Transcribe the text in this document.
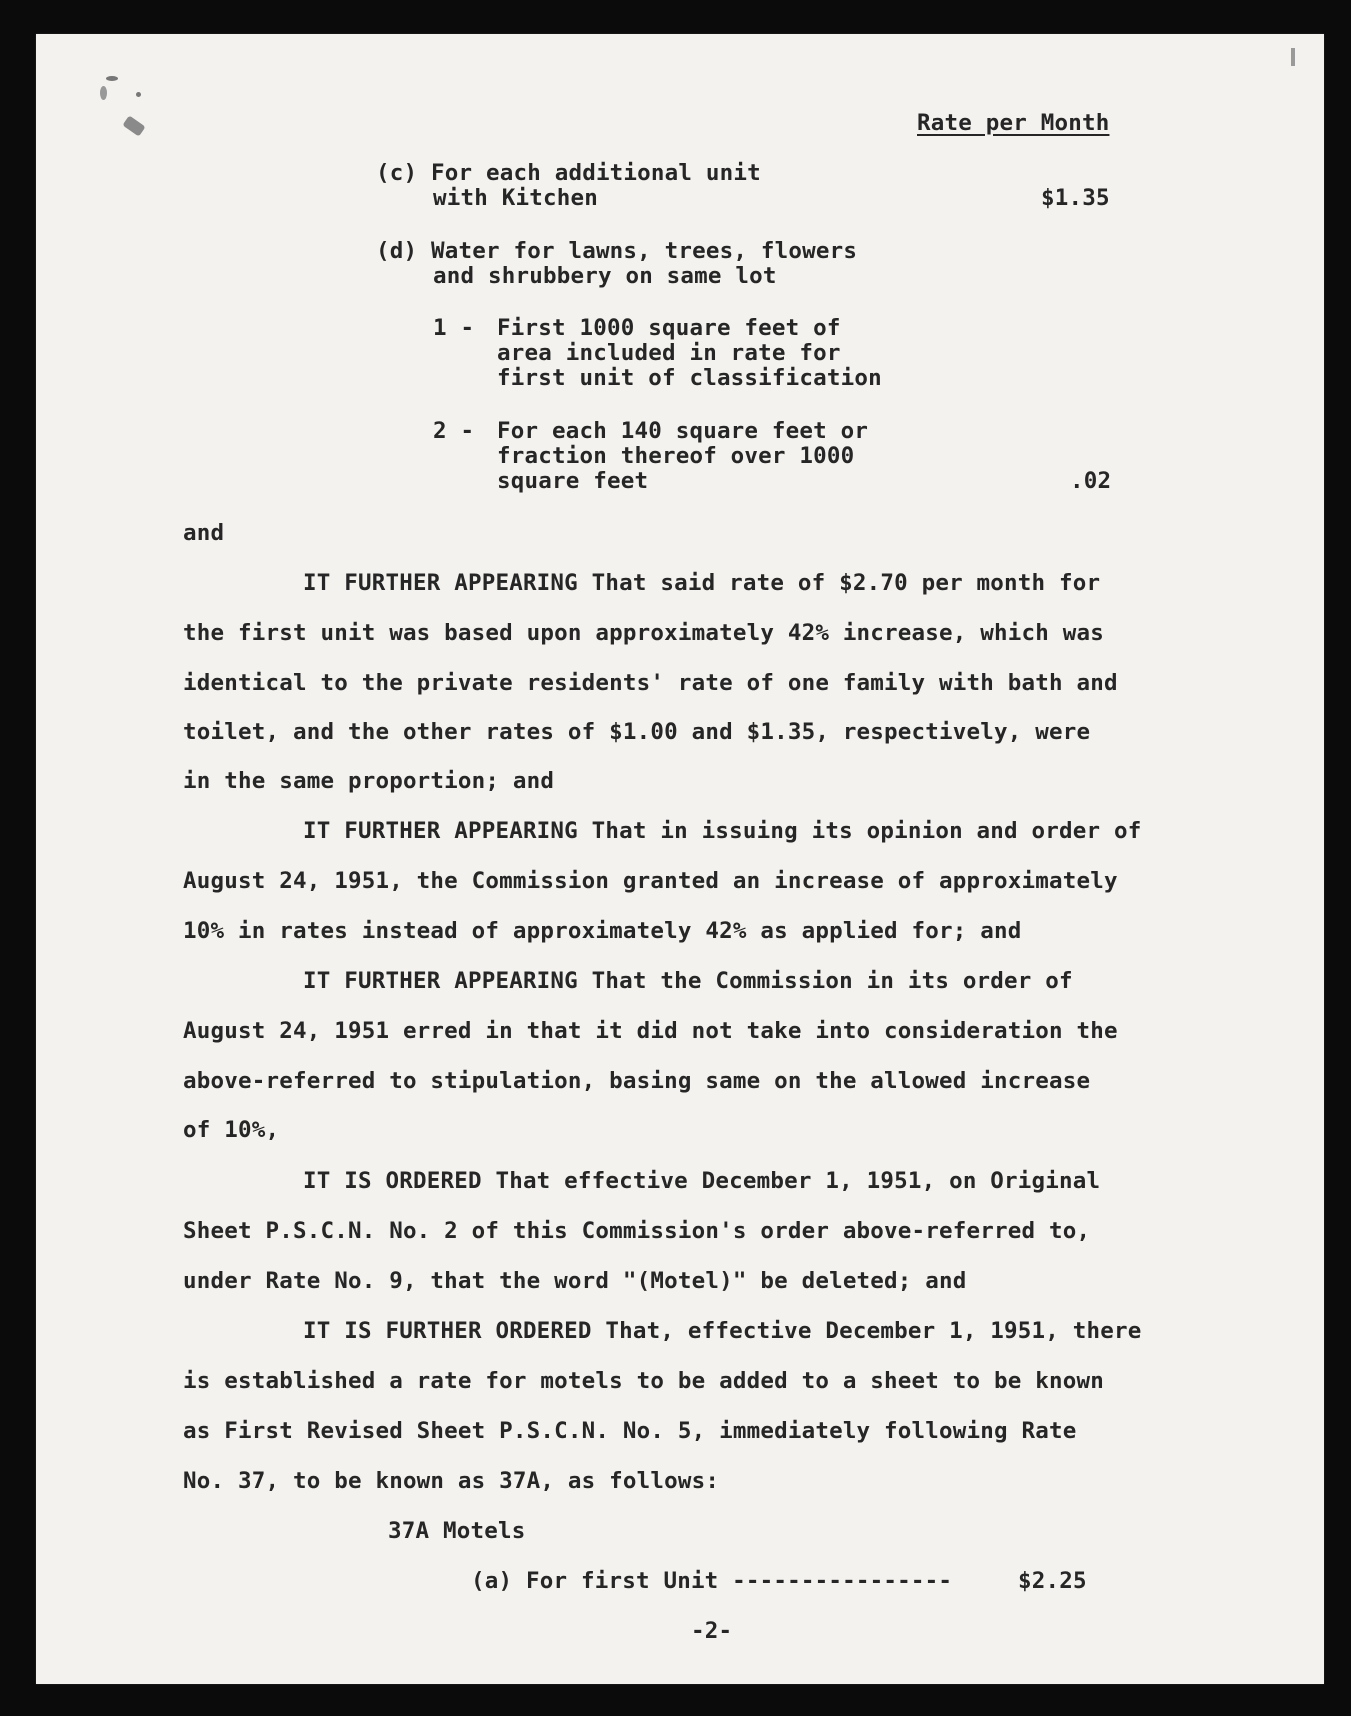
Rate per Month
(c) For each additional unit
with Kitchen	$1.35
(d) Water for lawns, trees, flowers
and shrubbery on same lot
1 - First 1000 square feet of
area included in rate for
first unit of classification
2 - For each 140 square feet or
fraction thereof over 1000
square feet	.02
and
IT FURTHER APPEARING That said rate of $2.70 per month for
the first unit was based upon approximately 42% increase, which was
identical to the private residents' rate of one family with bath and
toilet, and the other rates of $1.00 and $1.35, respectively, were
in the same proportion; and
IT FURTHER APPEARING That in issuing its opinion and order of
August 24, 1951, the Commission granted an increase of approximately
10% in rates instead of approximately 42% as applied for; and
IT FURTHER APPEARING That the Commission in its order of
August 24, 1951 erred in that it did not take into consideration the
above-referred to stipulation, basing same on the allowed increase
of 10%,
IT IS ORDERED That effective December 1, 1951, on Original
Sheet P.S.C.N. No. 2 of this Commission's order above-referred to,
under Rate No. 9, that the word "(Motel)" be deleted; and
IT IS FURTHER ORDERED That, effective December 1, 1951, there
is established a rate for motels to be added to a sheet to be known
as First Revised Sheet P.S.C.N. No. 5, immediately following Rate
No. 37, to be known as 37A, as follows:
37A Motels
(a) For first Unit ----------------	$2.25
-2-
